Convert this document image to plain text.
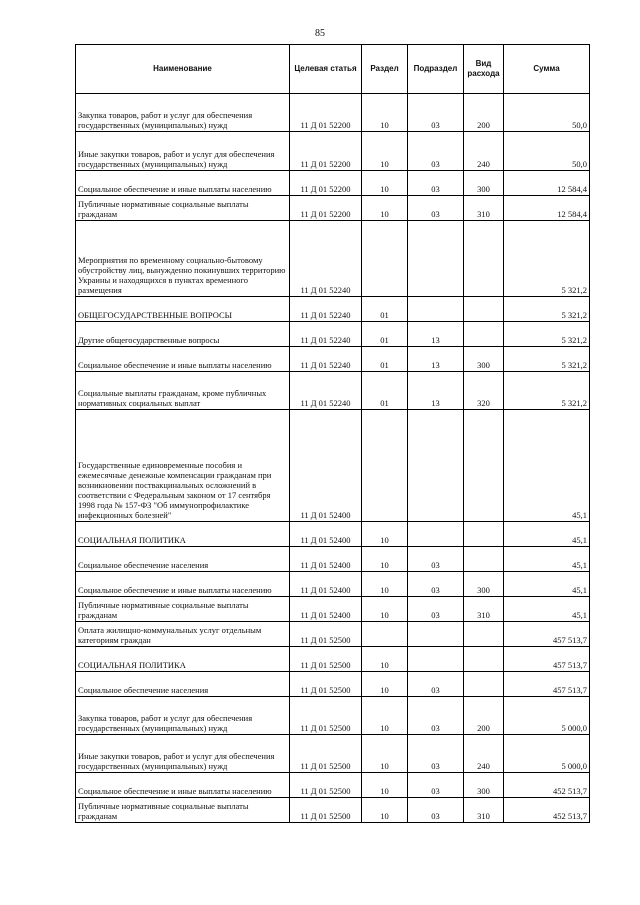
85
Наименование	Целевая статья	Раздел	Подраздел	Вид расхода	Сумма
Закупка товаров, работ и услуг для обеспечения государственных (муниципальных) нужд	11 Д 01 52200	10	03	200	50,0
Иные закупки товаров, работ и услуг для обеспечения государственных (муниципальных) нужд	11 Д 01 52200	10	03	240	50,0
Социальное обеспечение и иные выплаты населению	11 Д 01 52200	10	03	300	12 584,4
Публичные нормативные социальные выплаты гражданам	11 Д 01 52200	10	03	310	12 584,4
Мероприятия по временному социально-бытовому обустройству лиц, вынужденно покинувших территорию Украины и находящихся в пунктах временного размещения	11 Д 01 52240				5 321,2
ОБЩЕГОСУДАРСТВЕННЫЕ ВОПРОСЫ	11 Д 01 52240	01			5 321,2
Другие общегосударственные вопросы	11 Д 01 52240	01	13		5 321,2
Социальное обеспечение и иные выплаты населению	11 Д 01 52240	01	13	300	5 321,2
Социальные выплаты гражданам, кроме публичных нормативных социальных выплат	11 Д 01 52240	01	13	320	5 321,2
Государственные единовременные пособия и ежемесячные денежные компенсации гражданам при возникновении поствакцинальных осложнений в соответствии с Федеральным законом от 17 сентября 1998 года № 157-ФЗ "Об иммунопрофилактике инфекционных болезней"	11 Д 01 52400				45,1
СОЦИАЛЬНАЯ ПОЛИТИКА	11 Д 01 52400	10			45,1
Социальное обеспечение населения	11 Д 01 52400	10	03		45,1
Социальное обеспечение и иные выплаты населению	11 Д 01 52400	10	03	300	45,1
Публичные нормативные социальные выплаты гражданам	11 Д 01 52400	10	03	310	45,1
Оплата жилищно-коммунальных услуг отдельным категориям граждан	11 Д 01 52500				457 513,7
СОЦИАЛЬНАЯ ПОЛИТИКА	11 Д 01 52500	10			457 513,7
Социальное обеспечение населения	11 Д 01 52500	10	03		457 513,7
Закупка товаров, работ и услуг для обеспечения государственных (муниципальных) нужд	11 Д 01 52500	10	03	200	5 000,0
Иные закупки товаров, работ и услуг для обеспечения государственных (муниципальных) нужд	11 Д 01 52500	10	03	240	5 000,0
Социальное обеспечение и иные выплаты населению	11 Д 01 52500	10	03	300	452 513,7
Публичные нормативные социальные выплаты гражданам	11 Д 01 52500	10	03	310	452 513,7
